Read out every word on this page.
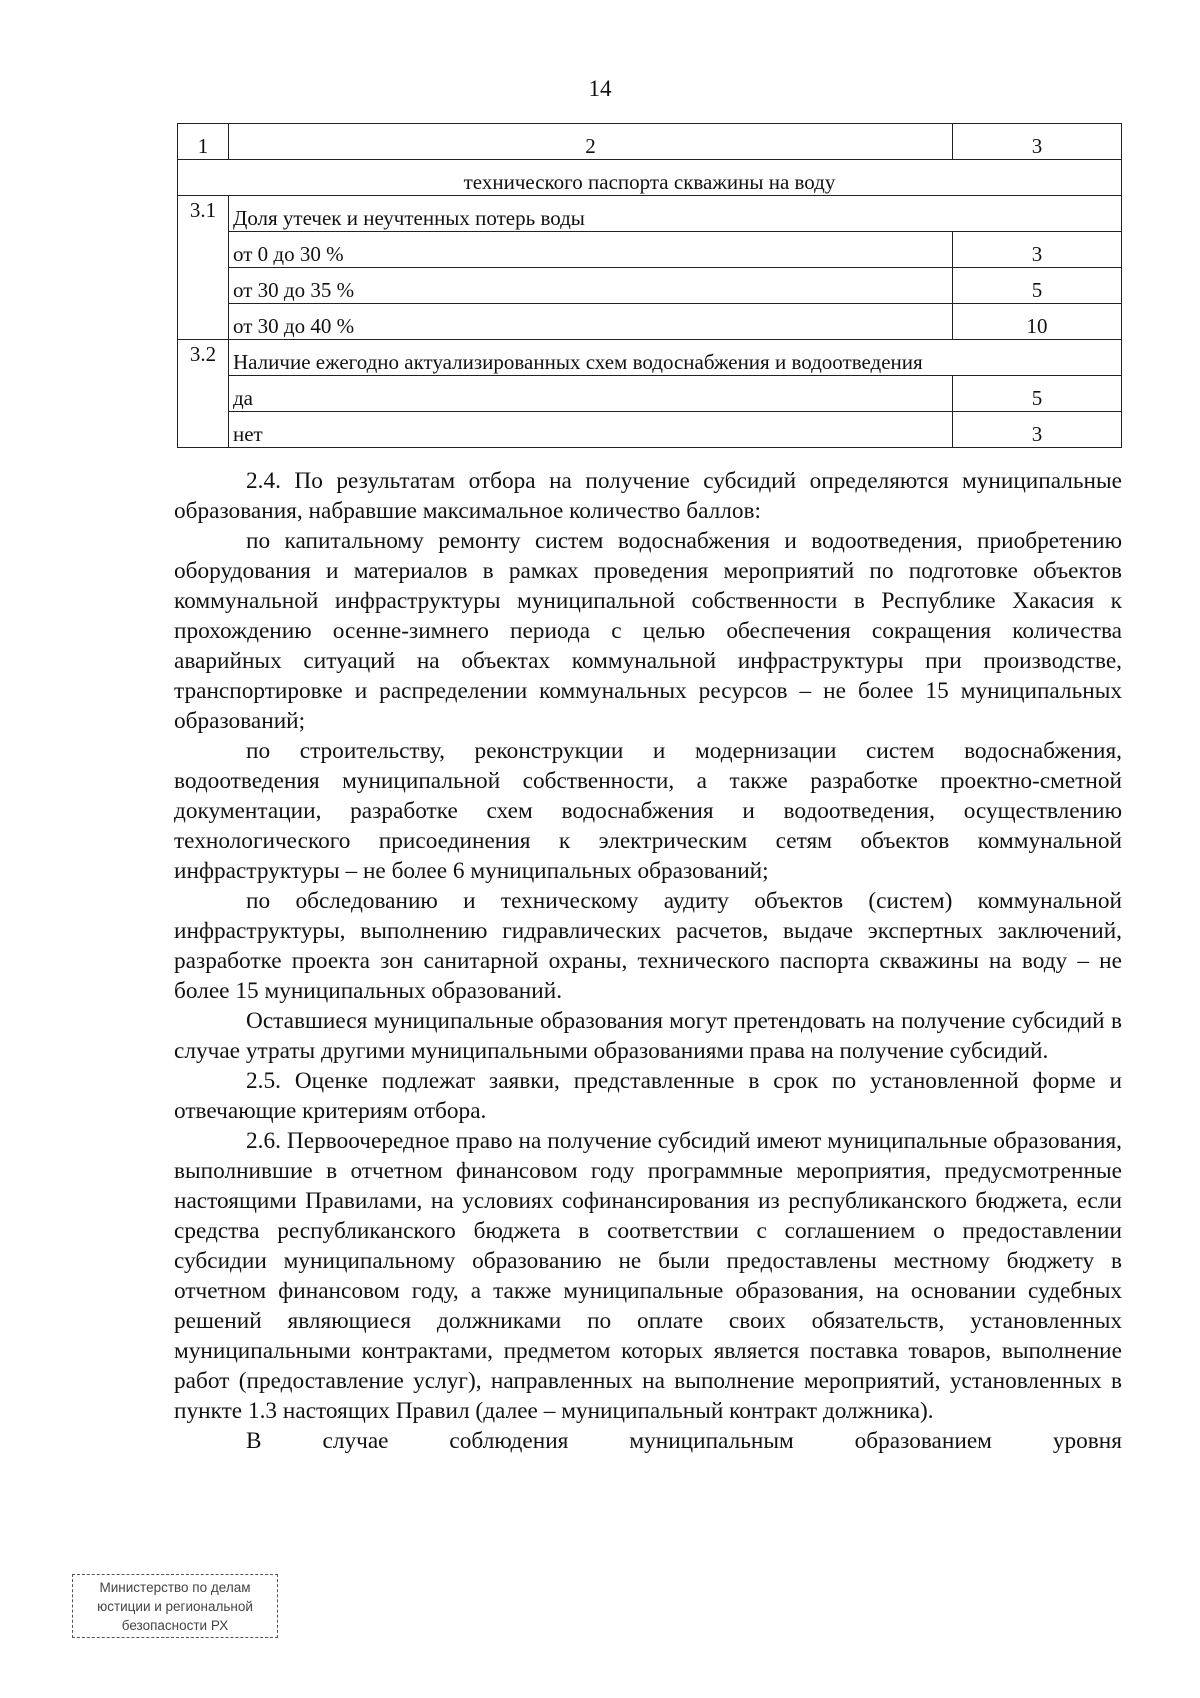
14
1	2	3
технического паспорта скважины на воду		
3.1	Доля утечек и неучтенных потерь воды	
	от 0 до 30 %	3
	от 30 до 35 %	5
	от 30 до 40 %	10
3.2	Наличие ежегодно актуализированных схем водоснабжения и водоотведения	
	да	5
	нет	3

2.4. По результатам отбора на получение субсидий определяются муниципальные образования, набравшие максимальное количество баллов:

по капитальному ремонту систем водоснабжения и водоотведения, приобретению оборудования и материалов в рамках проведения мероприятий по подготовке объектов коммунальной инфраструктуры муниципальной собственности в Республике Хакасия к прохождению осенне-зимнего периода с целью обеспечения сокращения количества аварийных ситуаций на объектах коммунальной инфраструктуры при производстве, транспортировке и распределении коммунальных ресурсов – не более 15 муниципальных образований;

по строительству, реконструкции и модернизации систем водоснабжения, водоотведения муниципальной собственности, а также разработке проектно-сметной документации, разработке схем водоснабжения и водоотведения, осуществлению технологического присоединения к электрическим сетям объектов коммунальной инфраструктуры – не более 6 муниципальных образований;

по обследованию и техническому аудиту объектов (систем) коммунальной инфраструктуры, выполнению гидравлических расчетов, выдаче экспертных заключений, разработке проекта зон санитарной охраны, технического паспорта скважины на воду – не более 15 муниципальных образований.

Оставшиеся муниципальные образования могут претендовать на получение субсидий в случае утраты другими муниципальными образованиями права на получение субсидий.

2.5. Оценке подлежат заявки, представленные в срок по установленной форме и отвечающие критериям отбора.

2.6. Первоочередное право на получение субсидий имеют муниципальные образования, выполнившие в отчетном финансовом году программные мероприятия, предусмотренные настоящими Правилами, на условиях софинансирования из республиканского бюджета, если средства республиканского бюджета в соответствии с соглашением о предоставлении субсидии муниципальному образованию не были предоставлены местному бюджету в отчетном финансовом году, а также муниципальные образования, на основании судебных решений являющиеся должниками по оплате своих обязательств, установленных муниципальными контрактами, предметом которых является поставка товаров, выполнение работ (предоставление услуг), направленных на выполнение мероприятий, установленных в пункте 1.3 настоящих Правил (далее – муниципальный контракт должника).

В случае соблюдения муниципальным образованием уровня

Министерство по делам
юстиции и региональной
безопасности РХ
